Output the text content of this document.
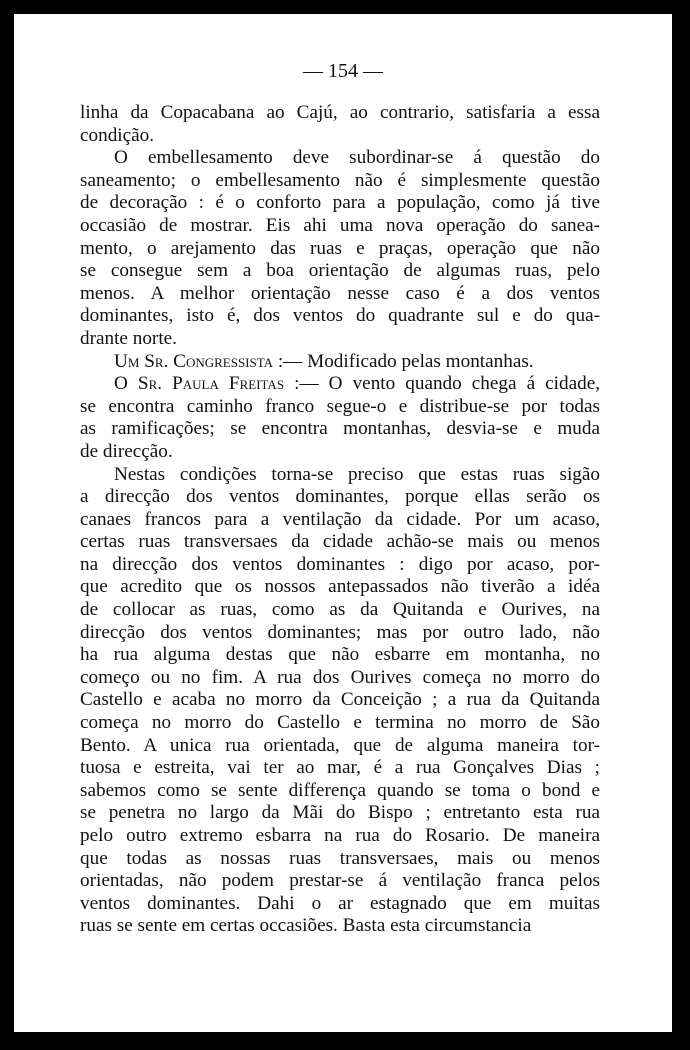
— 154 —
linha da Copacabana ao Cajú, ao contrario, satisfaria a essa
condição.
O embellesamento deve subordinar-se á questão do
saneamento; o embellesamento não é simplesmente questão
de decoração : é o conforto para a população, como já tive
occasião de mostrar. Eis ahi uma nova operação do sanea-
mento, o arejamento das ruas e praças, operação que não
se consegue sem a boa orientação de algumas ruas, pelo
menos. A melhor orientação nesse caso é a dos ventos
dominantes, isto é, dos ventos do quadrante sul e do qua-
drante norte.
Um Sr. Congressista :— Modificado pelas montanhas.
O Sr. Paula Freitas :— O vento quando chega á cidade,
se encontra caminho franco segue-o e distribue-se por todas
as ramificações; se encontra montanhas, desvia-se e muda
de direcção.
Nestas condições torna-se preciso que estas ruas sigão
a direcção dos ventos dominantes, porque ellas serão os
canaes francos para a ventilação da cidade. Por um acaso,
certas ruas transversaes da cidade achão-se mais ou menos
na direcção dos ventos dominantes : digo por acaso, por-
que acredito que os nossos antepassados não tiverão a idéa
de collocar as ruas, como as da Quitanda e Ourives, na
direcção dos ventos dominantes; mas por outro lado, não
ha rua alguma destas que não esbarre em montanha, no
começo ou no fim. A rua dos Ourives começa no morro do
Castello e acaba no morro da Conceição ; a rua da Quitanda
começa no morro do Castello e termina no morro de São
Bento. A unica rua orientada, que de alguma maneira tor-
tuosa e estreita, vai ter ao mar, é a rua Gonçalves Dias ;
sabemos como se sente differença quando se toma o bond e
se penetra no largo da Mãi do Bispo ; entretanto esta rua
pelo outro extremo esbarra na rua do Rosario. De maneira
que todas as nossas ruas transversaes, mais ou menos
orientadas, não podem prestar-se á ventilação franca pelos
ventos dominantes. Dahi o ar estagnado que em muitas
ruas se sente em certas occasiões. Basta esta circumstancia
